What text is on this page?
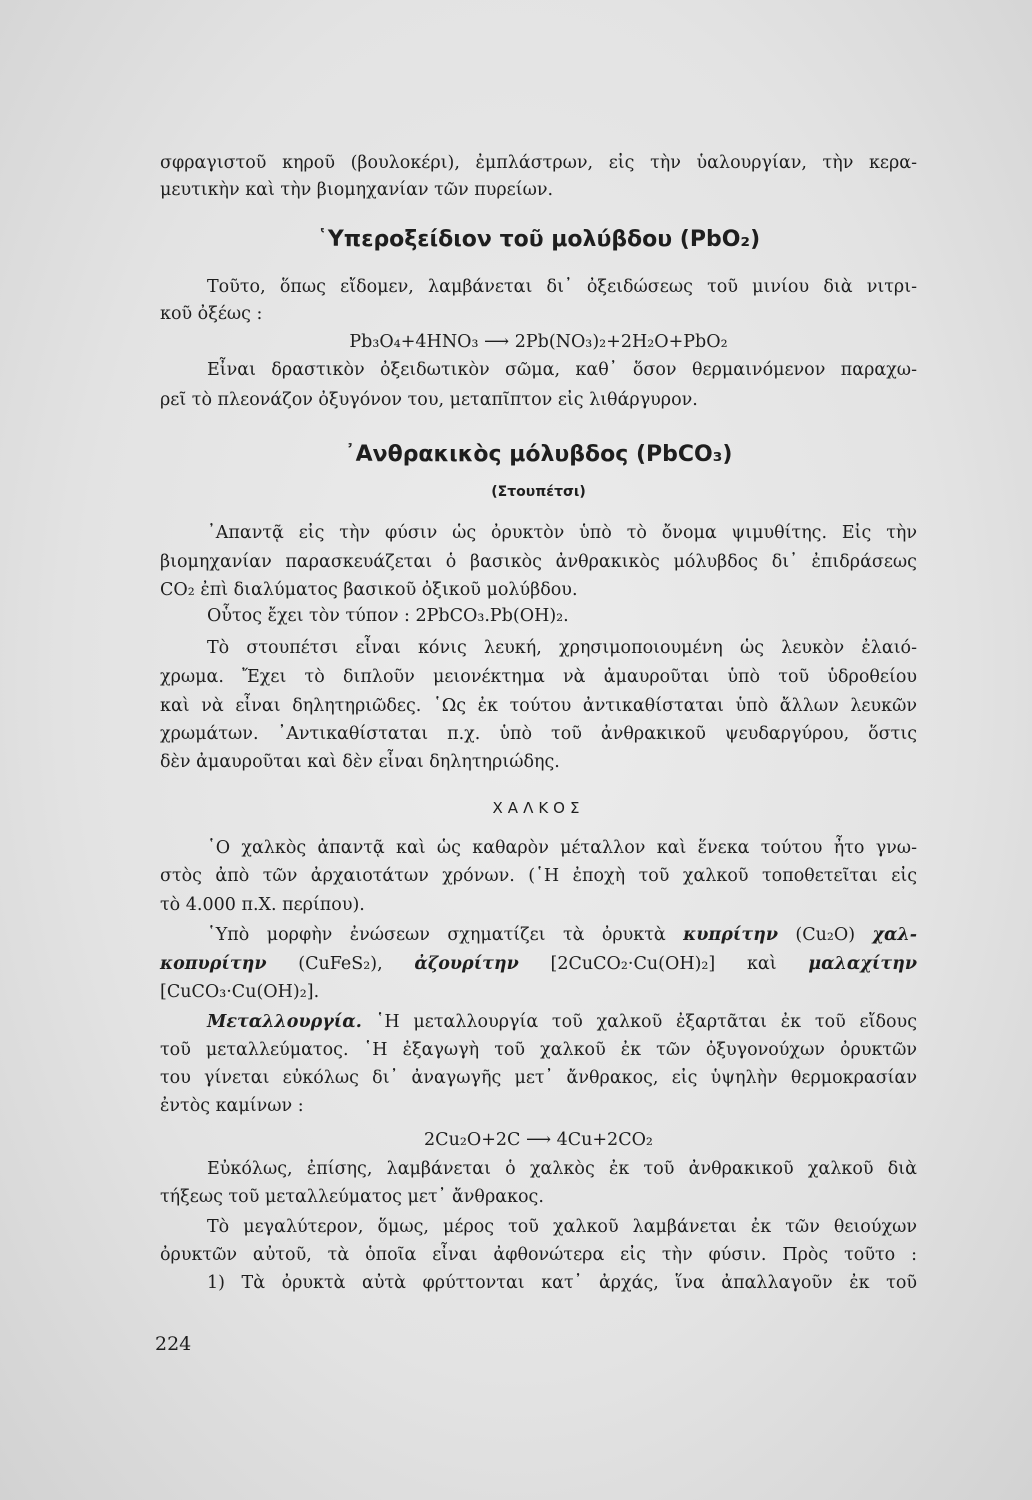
σφραγιστοῦ κηροῦ (βουλοκέρι), ἐμπλάστρων, εἰς τὴν ὑαλουργίαν, τὴν κερα-
μευτικὴν καὶ τὴν βιομηχανίαν τῶν πυρείων.
῾Υπεροξείδιον τοῦ μολύβδου (PbO₂)
Τοῦτο, ὅπως εἴδομεν, λαμβάνεται δι᾽ ὀξειδώσεως τοῦ μινίου διὰ νιτρι-
κοῦ ὀξέως :
Pb₃O₄+4HNO₃ ⟶ 2Pb(NO₃)₂+2H₂O+PbO₂
Εἶναι δραστικὸν ὀξειδωτικὸν σῶμα, καθ᾽ ὅσον θερμαινόμενον παραχω-
ρεῖ τὸ πλεονάζον ὀξυγόνον του, μεταπῖπτον εἰς λιθάργυρον.
᾽Ανθρακικὸς μόλυβδος (PbCO₃)
(Στουπέτσι)
᾽Απαντᾷ εἰς τὴν φύσιν ὡς ὀρυκτὸν ὑπὸ τὸ ὄνομα ψιμυθίτης. Εἰς τὴν
βιομηχανίαν παρασκευάζεται ὁ βασικὸς ἀνθρακικὸς μόλυβδος δι᾽ ἐπιδράσεως
CO₂ ἐπὶ διαλύματος βασικοῦ ὀξικοῦ μολύβδου.
Οὗτος ἔχει τὸν τύπον : 2PbCO₃.Pb(OH)₂.
Τὸ στουπέτσι εἶναι κόνις λευκή, χρησιμοποιουμένη ὡς λευκὸν ἐλαιό-
χρωμα. Ἔχει τὸ διπλοῦν μειονέκτημα νὰ ἀμαυροῦται ὑπὸ τοῦ ὑδροθείου
καὶ νὰ εἶναι δηλητηριῶδες. ῾Ως ἐκ τούτου ἀντικαθίσταται ὑπὸ ἄλλων λευκῶν
χρωμάτων. ᾽Αντικαθίσταται π.χ. ὑπὸ τοῦ ἀνθρακικοῦ ψευδαργύρου, ὅστις
δὲν ἀμαυροῦται καὶ δὲν εἶναι δηλητηριώδης.
ΧΑΛΚΟΣ
῾Ο χαλκὸς ἀπαντᾷ καὶ ὡς καθαρὸν μέταλλον καὶ ἕνεκα τούτου ἦτο γνω-
στὸς ἀπὸ τῶν ἀρχαιοτάτων χρόνων. (῾Η ἐποχὴ τοῦ χαλκοῦ τοποθετεῖται εἰς
τὸ 4.000 π.Χ. περίπου).
῾Υπὸ μορφὴν ἐνώσεων σχηματίζει τὰ ὀρυκτὰ κυπρίτην (Cu₂O) χαλ-
κοπυρίτην (CuFeS₂), ἀζουρίτην [2CuCO₂·Cu(OH)₂] καὶ μαλαχίτην
[CuCO₃·Cu(OH)₂].
Μεταλλουργία. ῾Η μεταλλουργία τοῦ χαλκοῦ ἐξαρτᾶται ἐκ τοῦ εἴδους
τοῦ μεταλλεύματος. ῾Η ἐξαγωγὴ τοῦ χαλκοῦ ἐκ τῶν ὀξυγονούχων ὀρυκτῶν
του γίνεται εὐκόλως δι᾽ ἀναγωγῆς μετ᾽ ἄνθρακος, εἰς ὑψηλὴν θερμοκρασίαν
ἐντὸς καμίνων :
2Cu₂O+2C ⟶ 4Cu+2CO₂
Εὐκόλως, ἐπίσης, λαμβάνεται ὁ χαλκὸς ἐκ τοῦ ἀνθρακικοῦ χαλκοῦ διὰ
τήξεως τοῦ μεταλλεύματος μετ᾽ ἄνθρακος.
Τὸ μεγαλύτερον, ὅμως, μέρος τοῦ χαλκοῦ λαμβάνεται ἐκ τῶν θειούχων
ὀρυκτῶν αὐτοῦ, τὰ ὁποῖα εἶναι ἀφθονώτερα εἰς τὴν φύσιν. Πρὸς τοῦτο :
1) Τὰ ὀρυκτὰ αὐτὰ φρύττονται κατ᾽ ἀρχάς, ἵνα ἀπαλλαγοῦν ἐκ τοῦ
224
